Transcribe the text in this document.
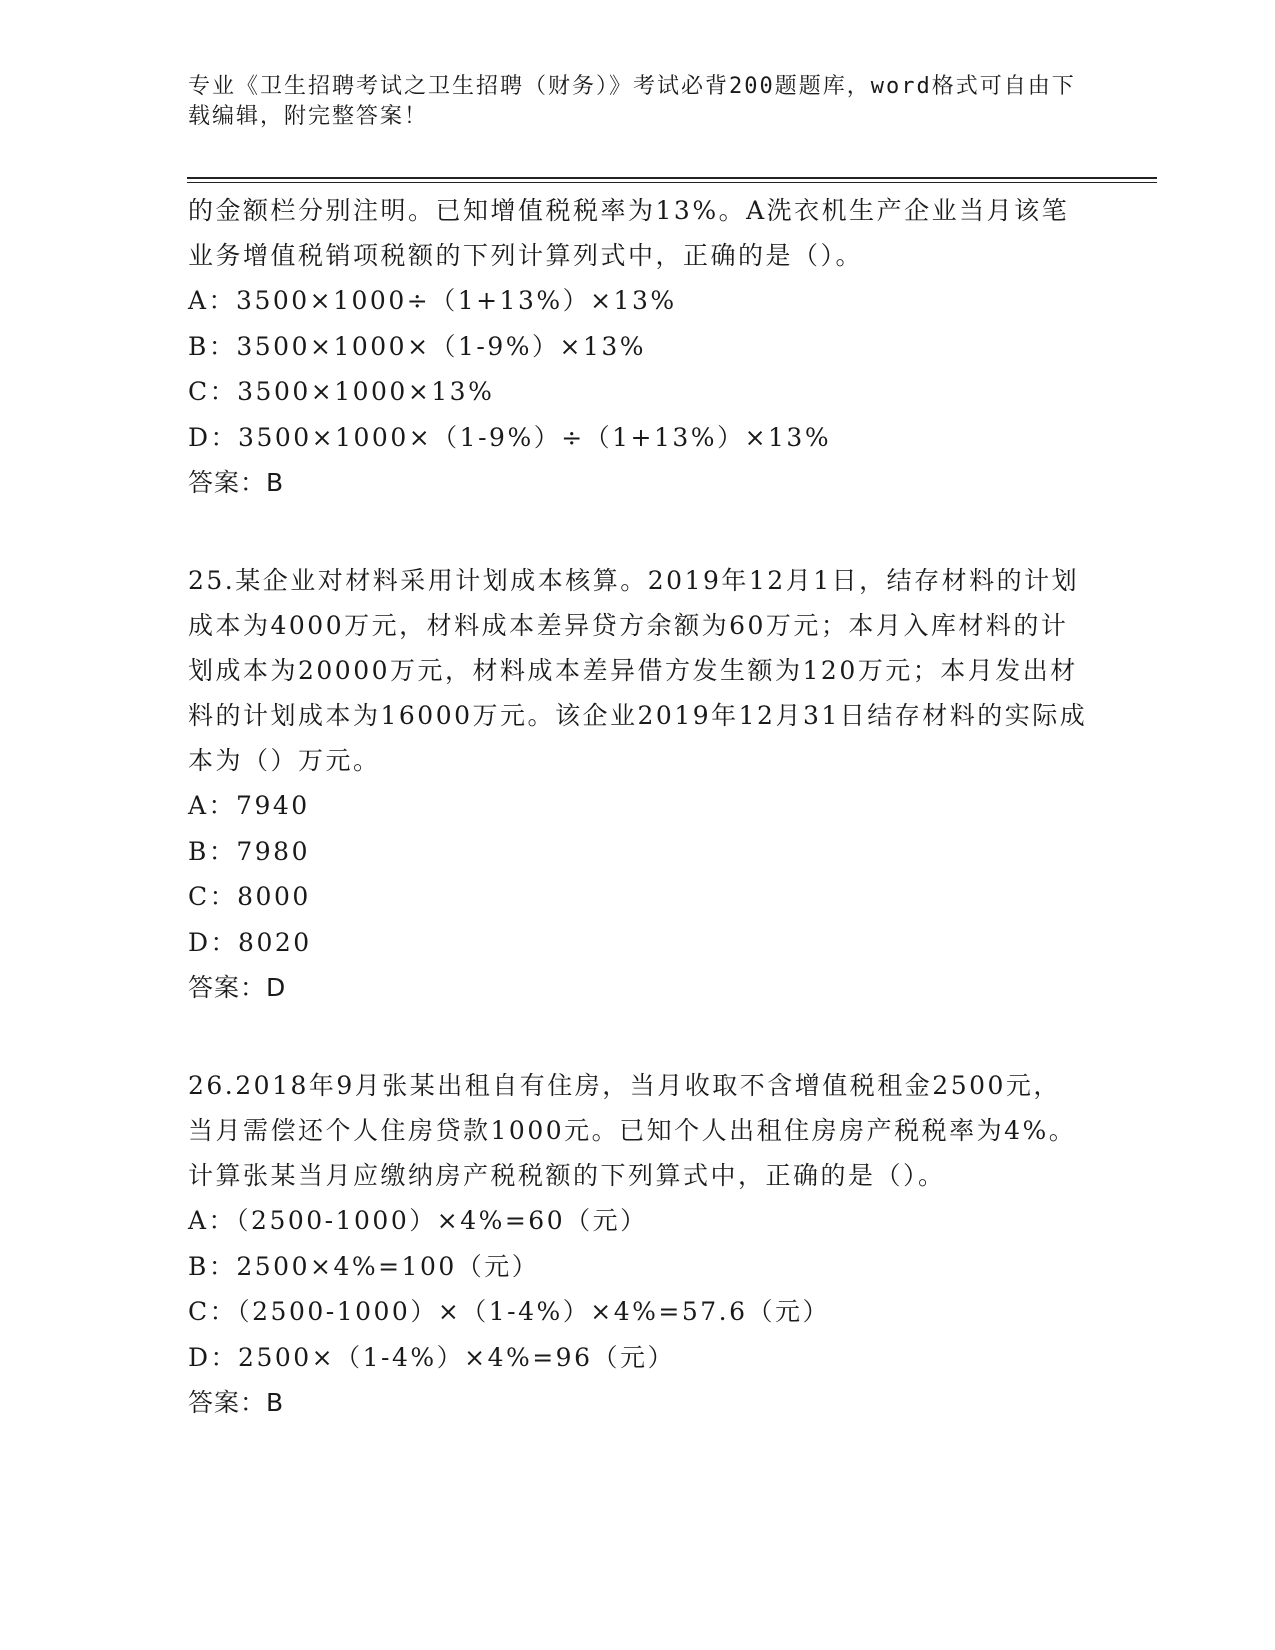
专业《卫生招聘考试之卫生招聘（财务）》考试必背200题题库，word格式可自由下载编辑，附完整答案！

的金额栏分别注明。已知增值税税率为13%。A洗衣机生产企业当月该笔业务增值税销项税额的下列计算列式中，正确的是（）。

A：3500×1000÷（1+13%）×13%

B：3500×1000×（1-9%）×13%

C：3500×1000×13%

D：3500×1000×（1-9%）÷（1+13%）×13%

答案：B

25.某企业对材料采用计划成本核算。2019年12月1日，结存材料的计划成本为4000万元，材料成本差异贷方余额为60万元；本月入库材料的计划成本为20000万元，材料成本差异借方发生额为120万元；本月发出材料的计划成本为16000万元。该企业2019年12月31日结存材料的实际成本为（）万元。

A：7940

B：7980

C：8000

D：8020

答案：D

26.2018年9月张某出租自有住房，当月收取不含增值税租金2500元，当月需偿还个人住房贷款1000元。已知个人出租住房房产税税率为4%。计算张某当月应缴纳房产税税额的下列算式中，正确的是（）。

A：（2500-1000）×4%=60（元）

B：2500×4%=100（元）

C：（2500-1000）×（1-4%）×4%=57.6（元）

D：2500×（1-4%）×4%=96（元）

答案：B
